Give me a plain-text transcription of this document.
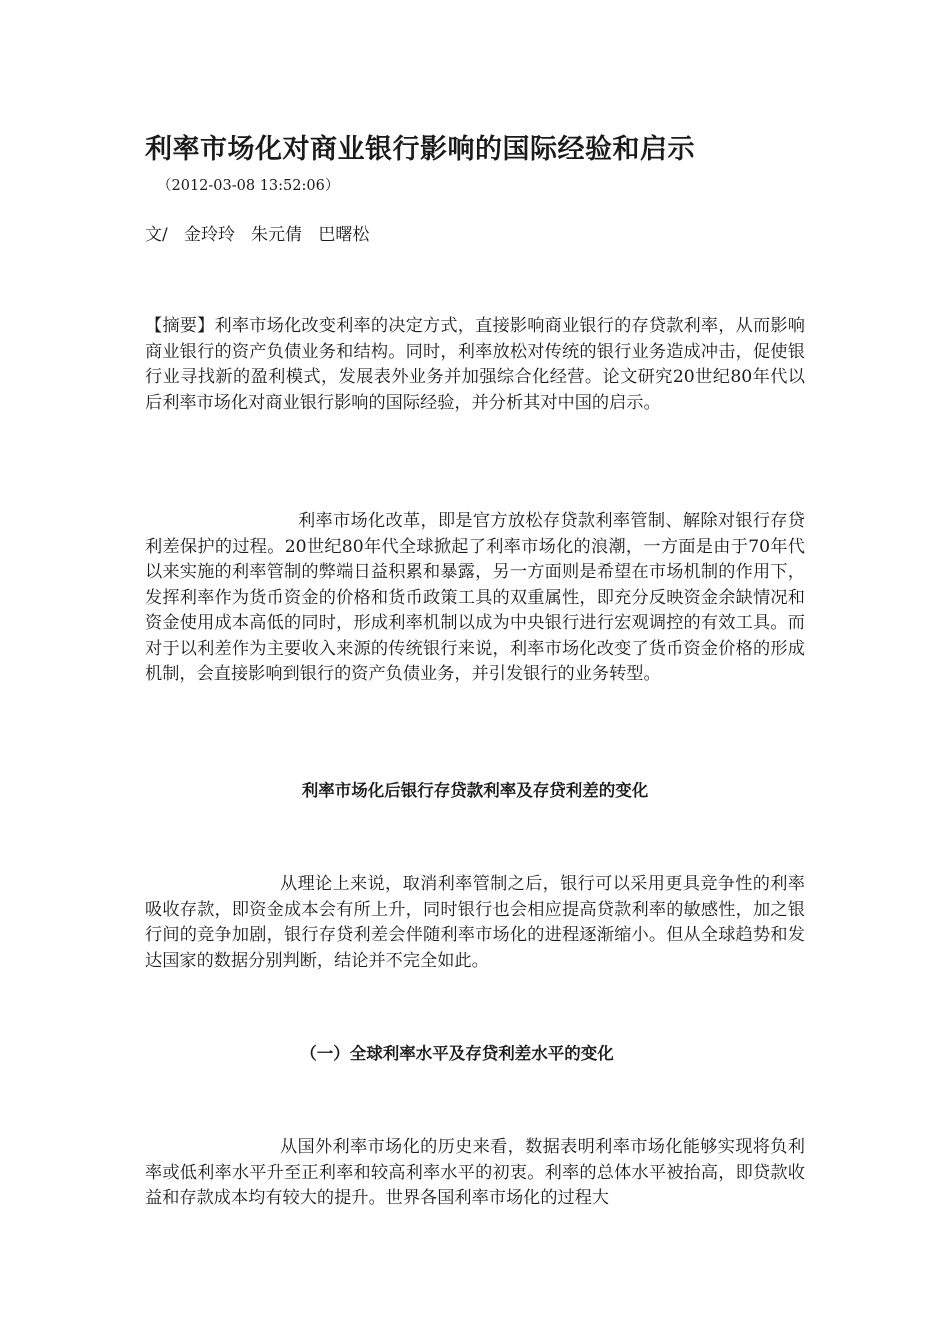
利率市场化对商业银行影响的国际经验和启示
（2012-03-08 13:52:06）
文/   金玲玲   朱元倩   巴曙松

【摘要】利率市场化改变利率的决定方式，直接影响商业银行的存贷款利率，从而影响商业银行的资产负债业务和结构。同时，利率放松对传统的银行业务造成冲击，促使银行业寻找新的盈利模式，发展表外业务并加强综合化经营。论文研究20世纪80年代以后利率市场化对商业银行影响的国际经验，并分析其对中国的启示。

利率市场化改革，即是官方放松存贷款利率管制、解除对银行存贷利差保护的过程。20世纪80年代全球掀起了利率市场化的浪潮，一方面是由于70年代以来实施的利率管制的弊端日益积累和暴露，另一方面则是希望在市场机制的作用下，发挥利率作为货币资金的价格和货币政策工具的双重属性，即充分反映资金余缺情况和资金使用成本高低的同时，形成利率机制以成为中央银行进行宏观调控的有效工具。而对于以利差作为主要收入来源的传统银行来说，利率市场化改变了货币资金价格的形成机制，会直接影响到银行的资产负债业务，并引发银行的业务转型。

利率市场化后银行存贷款利率及存贷利差的变化

从理论上来说，取消利率管制之后，银行可以采用更具竞争性的利率吸收存款，即资金成本会有所上升，同时银行也会相应提高贷款利率的敏感性，加之银行间的竞争加剧，银行存贷利差会伴随利率市场化的进程逐渐缩小。但从全球趋势和发达国家的数据分别判断，结论并不完全如此。

（一）全球利率水平及存贷利差水平的变化

从国外利率市场化的历史来看，数据表明利率市场化能够实现将负利率或低利率水平升至正利率和较高利率水平的初衷。利率的总体水平被抬高，即贷款收益和存款成本均有较大的提升。世界各国利率市场化的过程大
